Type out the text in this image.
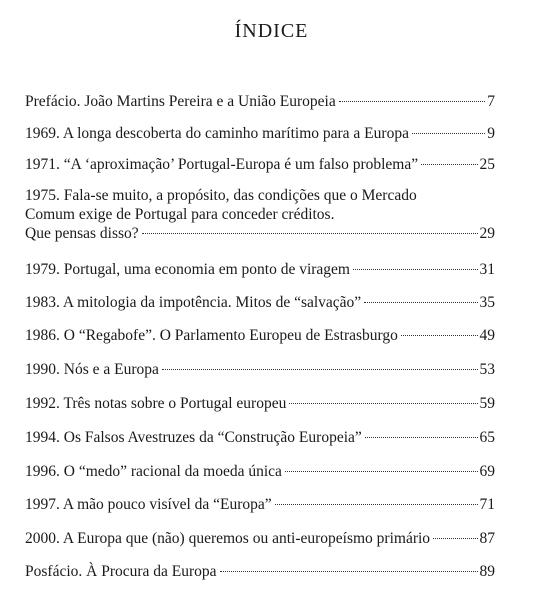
ÍNDICE
Prefácio. João Martins Pereira e a União Europeia	7
1969. A longa descoberta do caminho marítimo para a Europa	9
1971. “A ‘aproximação’ Portugal-Europa é um falso problema”	25
1975. Fala-se muito, a propósito, das condições que o Mercado
Comum exige de Portugal para conceder créditos.
Que pensas disso?	29
1979. Portugal, uma economia em ponto de viragem	31
1983. A mitologia da impotência. Mitos de “salvação”	35
1986. O “Regabofe”. O Parlamento Europeu de Estrasburgo	49
1990. Nós e a Europa	53
1992. Três notas sobre o Portugal europeu	59
1994. Os Falsos Avestruzes da “Construção Europeia”	65
1996. O “medo” racional da moeda única	69
1997. A mão pouco visível da “Europa”	71
2000. A Europa que (não) queremos ou anti-europeísmo primário	87
Posfácio. À Procura da Europa	89
